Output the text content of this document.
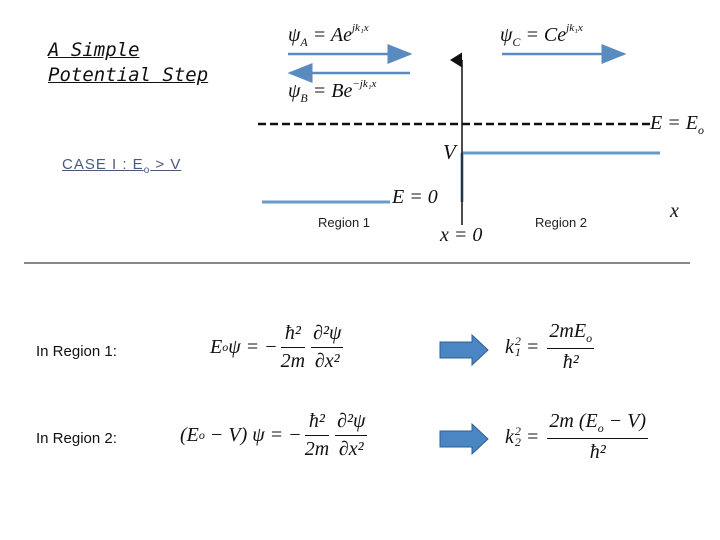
A Simple
Potential Step
CASE I : $E_o > V$
$\psi_A = Ae^{jk_1x}$
$\psi_B = Be^{-jk_1x}$
$\psi_C = Ce^{jk_1x}$
$E = E_o$
V
E = 0
x = 0
x
Region 1	Region 2
In Region 1:	E o ψ = − $\frac{\text{ħ²}}{2m} \frac{\text{∂²ψ}}{\text{∂x²}}$	k 2
$1 = \frac{2mE_o}{\text{ħ²}}$
In Region 2:	(E o − V) ψ = − $\frac{\text{ħ²}}{2m} \frac{\text{∂²ψ}}{\text{∂x²}}$	k 2
$2 = \frac{2m (E_o - V)}{\text{ħ²}}$
